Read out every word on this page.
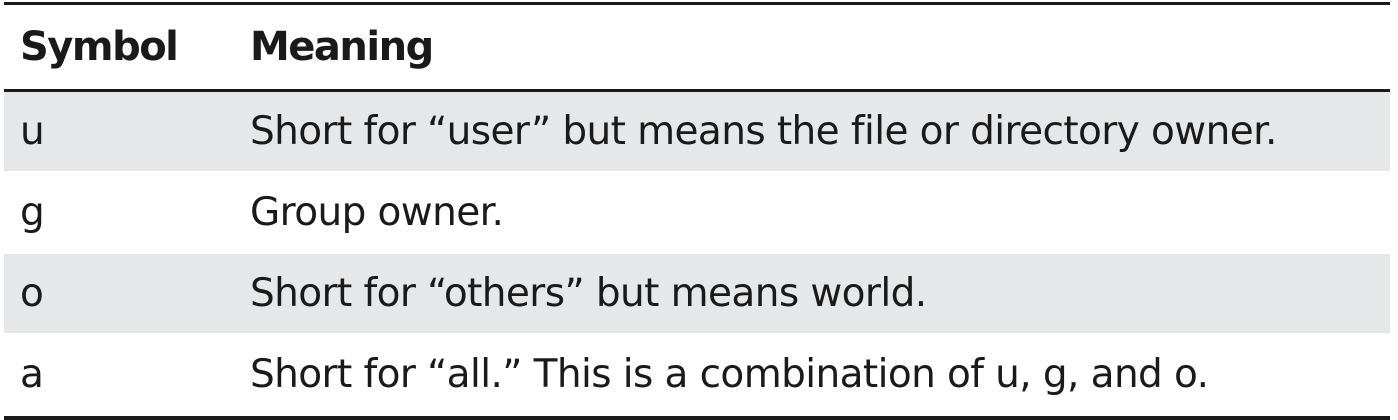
Symbol	Meaning
u	Short for “user” but means the file or directory owner.
g	Group owner.
o	Short for “others” but means world.
a	Short for “all.” This is a combination of u, g, and o.
